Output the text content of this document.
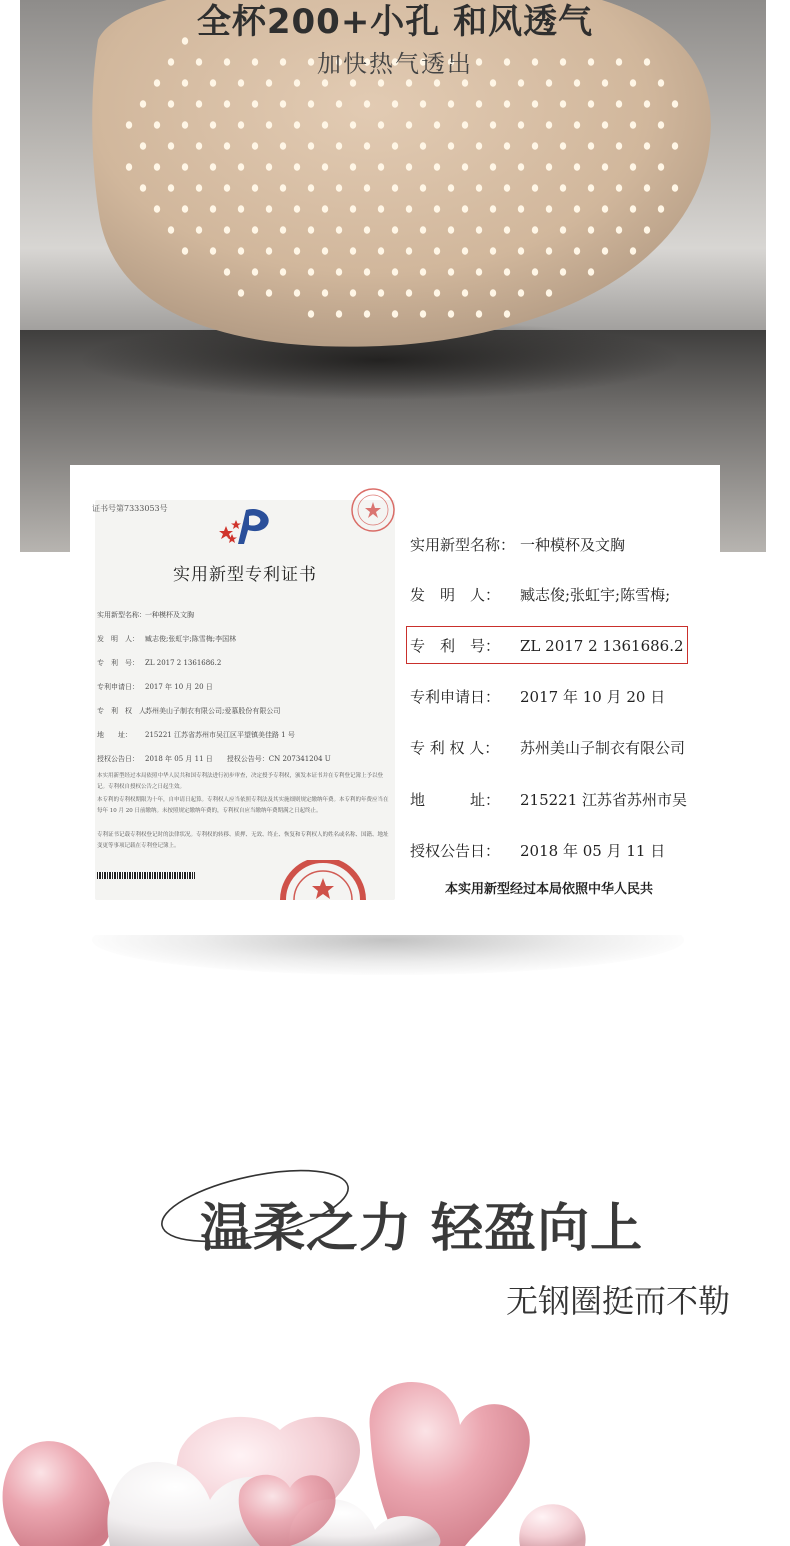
全杯200+小孔 和风透气
加快热气透出
证书号第7333053号
实用新型专利证书
实用新型名称：一种模杯及文胸
发　明　人： 臧志俊;张虹宇;陈雪梅;李国林
专　利　号： ZL 2017 2 1361686.2
专利申请日： 2017 年 10 月 20 日
专　利　权　人：苏州美山子制衣有限公司;爱慕股份有限公司
地　　址： 215221 江苏省苏州市吴江区平望镇美佳路 1 号
授权公告日： 2018 年 05 月 11 日　　授权公告号：CN 207341204 U
本实用新型经过本局依照中华人民共和国专利法进行初步审查，决定授予专利权，颁发本证书并在专利登记簿上予以登记。专利权自授权公告之日起生效。
本专利的专利权期限为十年，自申请日起算。专利权人应当依照专利法及其实施细则规定缴纳年费。本专利的年费应当在每年 10 月 20 日前缴纳。未按照规定缴纳年费的，专利权自应当缴纳年费期满之日起终止。
专利证书记载专利权登记时的法律状况。专利权的转移、质押、无效、终止、恢复和专利权人的姓名或名称、国籍、地址变更等事项记载在专利登记簿上。
实用新型名称： 一种模杯及文胸
发　明　人： 臧志俊;张虹宇;陈雪梅;
专　利　号： ZL 2017 2 1361686.2
专利申请日： 2017 年 10 月 20 日
专 利 权 人： 苏州美山子制衣有限公司
地　　　址： 215221 江苏省苏州市吴
授权公告日： 2018 年 05 月 11 日
本实用新型经过本局依照中华人民共
温柔之力 轻盈向上
无钢圈挺而不勒
